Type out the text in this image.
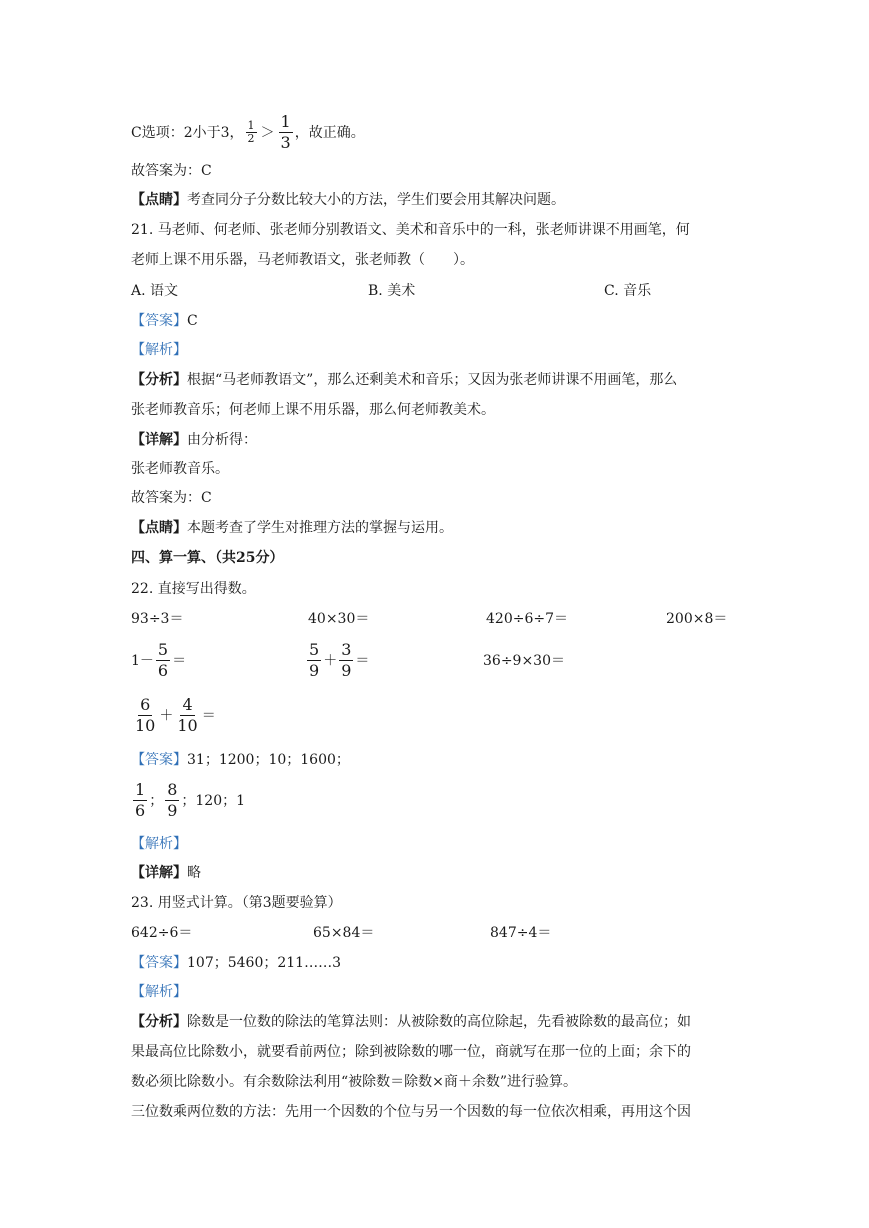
C选项：2小于3， $\frac{1}{2} > \frac{1}{3}$ ，故正确。
故答案为：C
【点睛】考查同分子分数比较大小的方法，学生们要会用其解决问题。
21. 马老师、何老师、张老师分别教语文、美术和音乐中的一科，张老师讲课不用画笔，何
老师上课不用乐器，马老师教语文，张老师教（　　）。
A. 语文	B. 美术	C. 音乐
【答案】C
【解析】
【分析】根据“马老师教语文”，那么还剩美术和音乐；又因为张老师讲课不用画笔，那么
张老师教音乐；何老师上课不用乐器，那么何老师教美术。
【详解】由分析得：
张老师教音乐。
故答案为：C
【点睛】本题考查了学生对推理方法的掌握与运用。
四、算一算、（共25分）
22. 直接写出得数。
93÷3＝	40×30＝	420÷6÷7＝	200×8＝
$1- \frac{5}{6}$ ＝	$\frac{5}{9} + \frac{3}{9}$ ＝	36÷9×30＝
$\frac{6}{10} + \frac{4}{10}$ ＝
【答案】31；1200；10；1600；
$\frac{1}{6}$ ； $\frac{8}{9}$ ；120；1
【解析】
【详解】略
23. 用竖式计算。（第3题要验算）
642÷6＝	65×84＝	847÷4＝
【答案】107；5460；211……3
【解析】
【分析】除数是一位数的除法的笔算法则：从被除数的高位除起，先看被除数的最高位；如
果最高位比除数小，就要看前两位；除到被除数的哪一位，商就写在那一位的上面；余下的
数必须比除数小。有余数除法利用“被除数＝除数×商＋余数”进行验算。
三位数乘两位数的方法：先用一个因数的个位与另一个因数的每一位依次相乘，再用这个因
